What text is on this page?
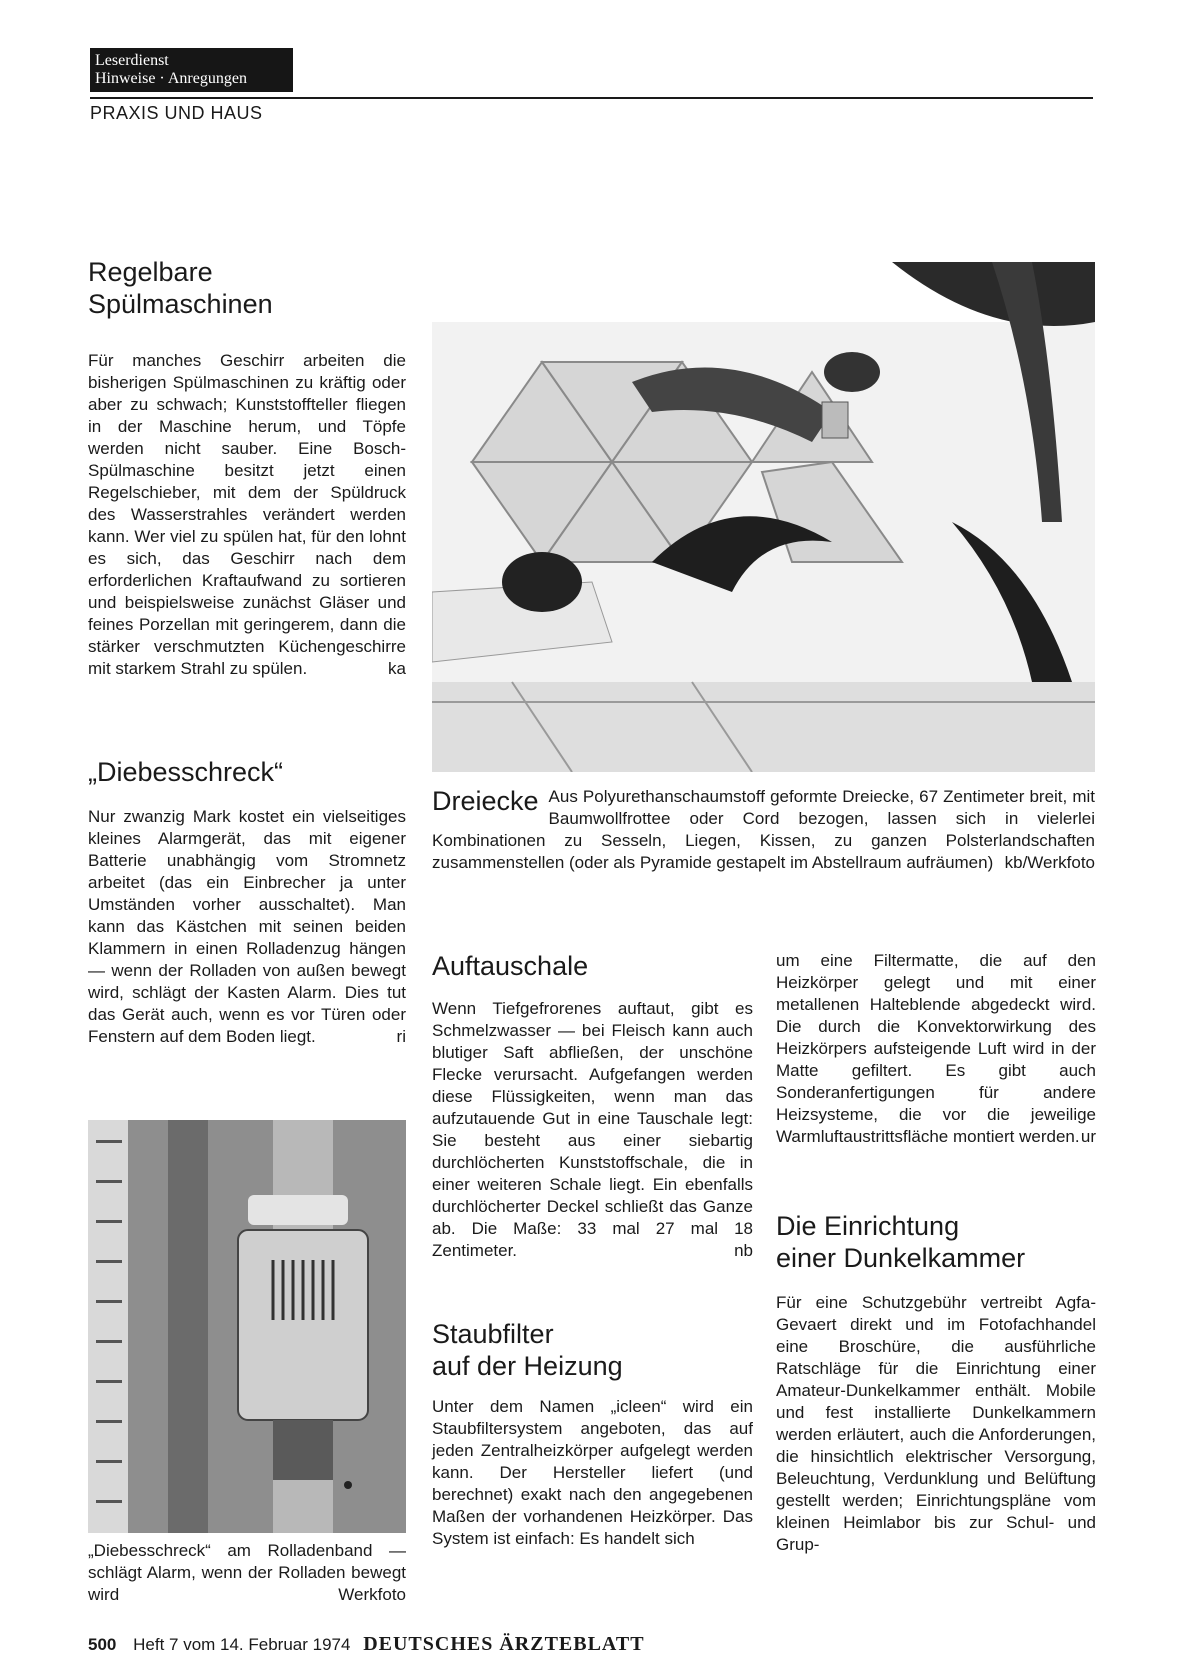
Leserdienst
Hinweise · Anregungen
PRAXIS UND HAUS
Regelbare
Spülmaschinen

Für manches Geschirr arbeiten die bisherigen Spülmaschinen zu kräftig oder aber zu schwach; Kunststoffteller fliegen in der Maschine herum, und Töpfe werden nicht sauber. Eine Bosch-Spülmaschine besitzt jetzt einen Regelschieber, mit dem der Spüldruck des Wasserstrahles verändert werden kann. Wer viel zu spülen hat, für den lohnt es sich, das Geschirr nach dem erforderlichen Kraftaufwand zu sortieren und beispielsweise zunächst Gläser und feines Porzellan mit geringerem, dann die stärker verschmutzten Küchengeschirre mit starkem Strahl zu spülen.	ka

„Diebesschreck“

Nur zwanzig Mark kostet ein vielseitiges kleines Alarmgerät, das mit eigener Batterie unabhängig vom Stromnetz arbeitet (das ein Einbrecher ja unter Umständen vorher ausschaltet). Man kann das Kästchen mit seinen beiden Klammern in einen Rolladenzug hängen — wenn der Rolladen von außen bewegt wird, schlägt der Kasten Alarm. Dies tut das Gerät auch, wenn es vor Türen oder Fenstern auf dem Boden liegt.	ri

„Diebesschreck“ am Rolladenband — schlägt Alarm, wenn der Rolladen bewegt wird	Werkfoto
Dreiecke Aus Polyurethanschaumstoff geformte Dreiecke, 67 Zentimeter breit, mit Baumwollfrottee oder Cord bezogen, lassen sich in vielerlei Kombinationen zu Sesseln, Liegen, Kissen, zu ganzen Polsterlandschaften zusammenstellen (oder als Pyramide gestapelt im Abstellraum aufräumen) kb/Werkfoto
Auftauschale

Wenn Tiefgefrorenes auftaut, gibt es Schmelzwasser — bei Fleisch kann auch blutiger Saft abfließen, der unschöne Flecke verursacht. Aufgefangen werden diese Flüssigkeiten, wenn man das aufzutauende Gut in eine Tauschale legt: Sie besteht aus einer siebartig durchlöcherten Kunststoffschale, die in einer weiteren Schale liegt. Ein ebenfalls durchlöcherter Deckel schließt das Ganze ab. Die Maße: 33 mal 27 mal 18 Zentimeter.	nb

Staubfilter
auf der Heizung

Unter dem Namen „icleen“ wird ein Staubfiltersystem angeboten, das auf jeden Zentralheizkörper aufgelegt werden kann. Der Hersteller liefert (und berechnet) exakt nach den angegebenen Maßen der vorhandenen Heizkörper. Das System ist einfach: Es handelt sich

um eine Filtermatte, die auf den Heizkörper gelegt und mit einer metallenen Halteblende abgedeckt wird. Die durch die Konvektorwirkung des Heizkörpers aufsteigende Luft wird in der Matte gefiltert. Es gibt auch Sonderanfertigungen für andere Heizsysteme, die vor die jeweilige Warmluftaustrittsfläche montiert werden. ur

Die Einrichtung
einer Dunkelkammer

Für eine Schutzgebühr vertreibt Agfa-Gevaert direkt und im Fotofachhandel eine Broschüre, die ausführliche Ratschläge für die Einrichtung einer Amateur-Dunkelkammer enthält. Mobile und fest installierte Dunkelkammern werden erläutert, auch die Anforderungen, die hinsichtlich elektrischer Versorgung, Beleuchtung, Verdunklung und Belüftung gestellt werden; Einrichtungspläne vom kleinen Heimlabor bis zur Schul- und Grup-

500 Heft 7 vom 14. Februar 1974 DEUTSCHES ÄRZTEBLATT
